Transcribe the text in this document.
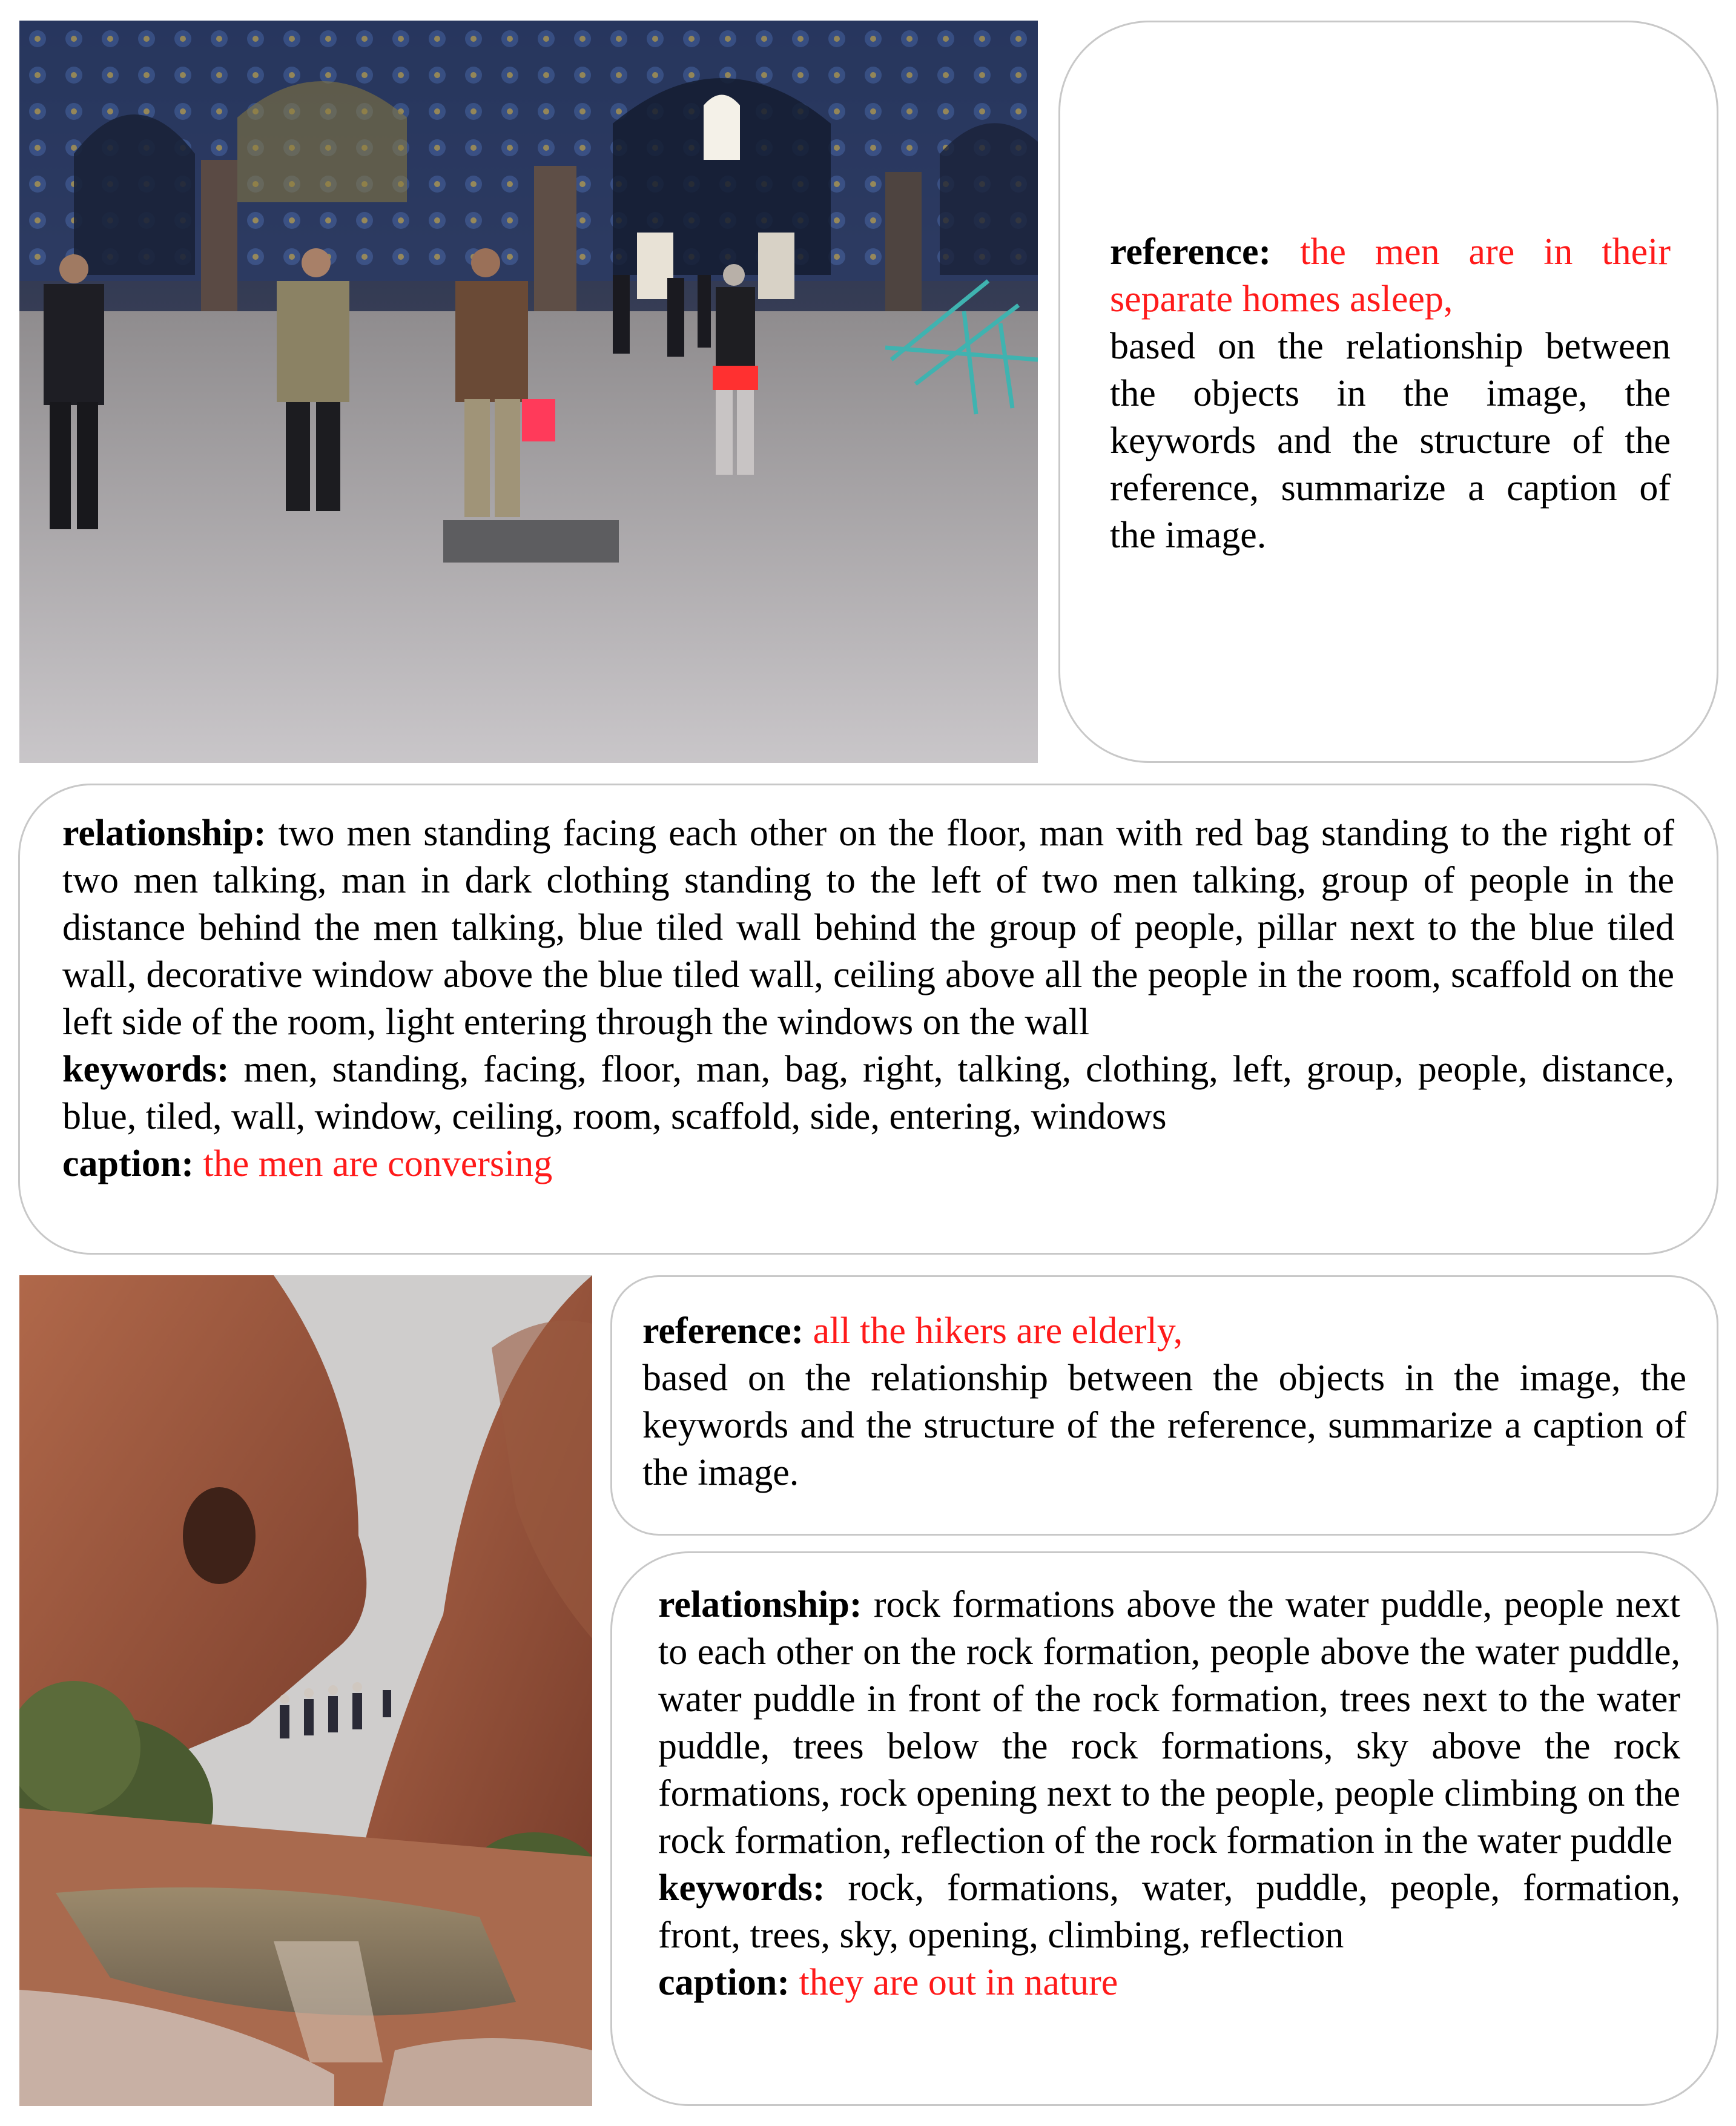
reference: the men are in their separate homes asleep,

based on the relationship between the objects in the image, the keywords and the structure of the reference, summarize a caption of the image.

relationship: two men standing facing each other on the floor, man with red bag standing to the right of two men talking, man in dark clothing standing to the left of two men talking, group of people in the distance behind the men talking, blue tiled wall behind the group of people, pillar next to the blue tiled wall, decorative window above the blue tiled wall, ceiling above all the people in the room, scaffold on the left side of the room, light entering through the windows on the wall

keywords: men, standing, facing, floor, man, bag, right, talking, clothing, left, group, people, distance, blue, tiled, wall, window, ceiling, room, scaffold, side, entering, windows

caption: the men are conversing

reference: all the hikers are elderly,

based on the relationship between the objects in the image, the keywords and the structure of the reference, summarize a caption of the image.

relationship: rock formations above the water puddle, people next to each other on the rock formation, people above the water puddle, water puddle in front of the rock formation, trees next to the water puddle, trees below the rock formations, sky above the rock formations, rock opening next to the people, people climbing on the rock formation, reflection of the rock formation in the water puddle

keywords: rock, formations, water, puddle, people, formation, front, trees, sky, opening, climbing, reflection

caption: they are out in nature
